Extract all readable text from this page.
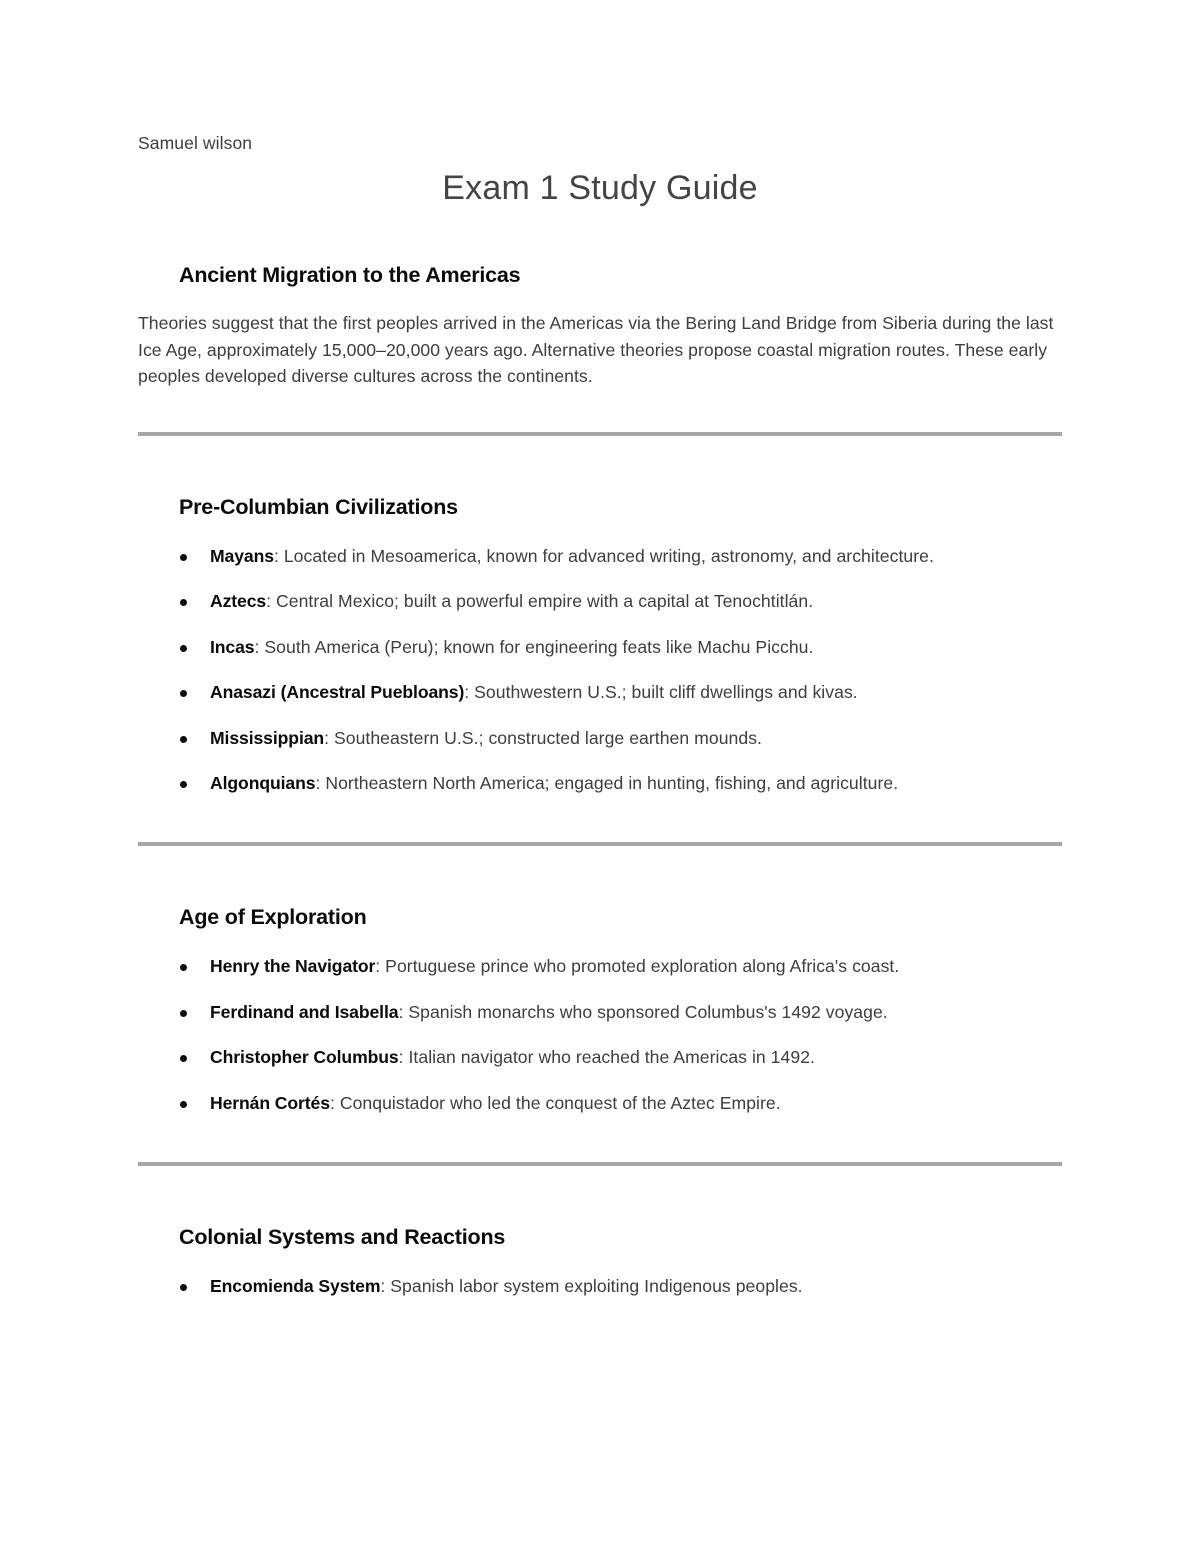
Samuel wilson
Exam 1 Study Guide
Ancient Migration to the Americas

Theories suggest that the first peoples arrived in the Americas via the Bering Land Bridge from Siberia during the last Ice Age, approximately 15,000–20,000 years ago. Alternative theories propose coastal migration routes. These early peoples developed diverse cultures across the continents.

Pre-Columbian Civilizations
Mayans: Located in Mesoamerica, known for advanced writing, astronomy, and architecture.
Aztecs: Central Mexico; built a powerful empire with a capital at Tenochtitlán.
Incas: South America (Peru); known for engineering feats like Machu Picchu.
Anasazi (Ancestral Puebloans): Southwestern U.S.; built cliff dwellings and kivas.
Mississippian: Southeastern U.S.; constructed large earthen mounds.
Algonquians: Northeastern North America; engaged in hunting, fishing, and agriculture.
Age of Exploration
Henry the Navigator: Portuguese prince who promoted exploration along Africa's coast.
Ferdinand and Isabella: Spanish monarchs who sponsored Columbus's 1492 voyage.
Christopher Columbus: Italian navigator who reached the Americas in 1492.
Hernán Cortés: Conquistador who led the conquest of the Aztec Empire.
Colonial Systems and Reactions
Encomienda System: Spanish labor system exploiting Indigenous peoples.
